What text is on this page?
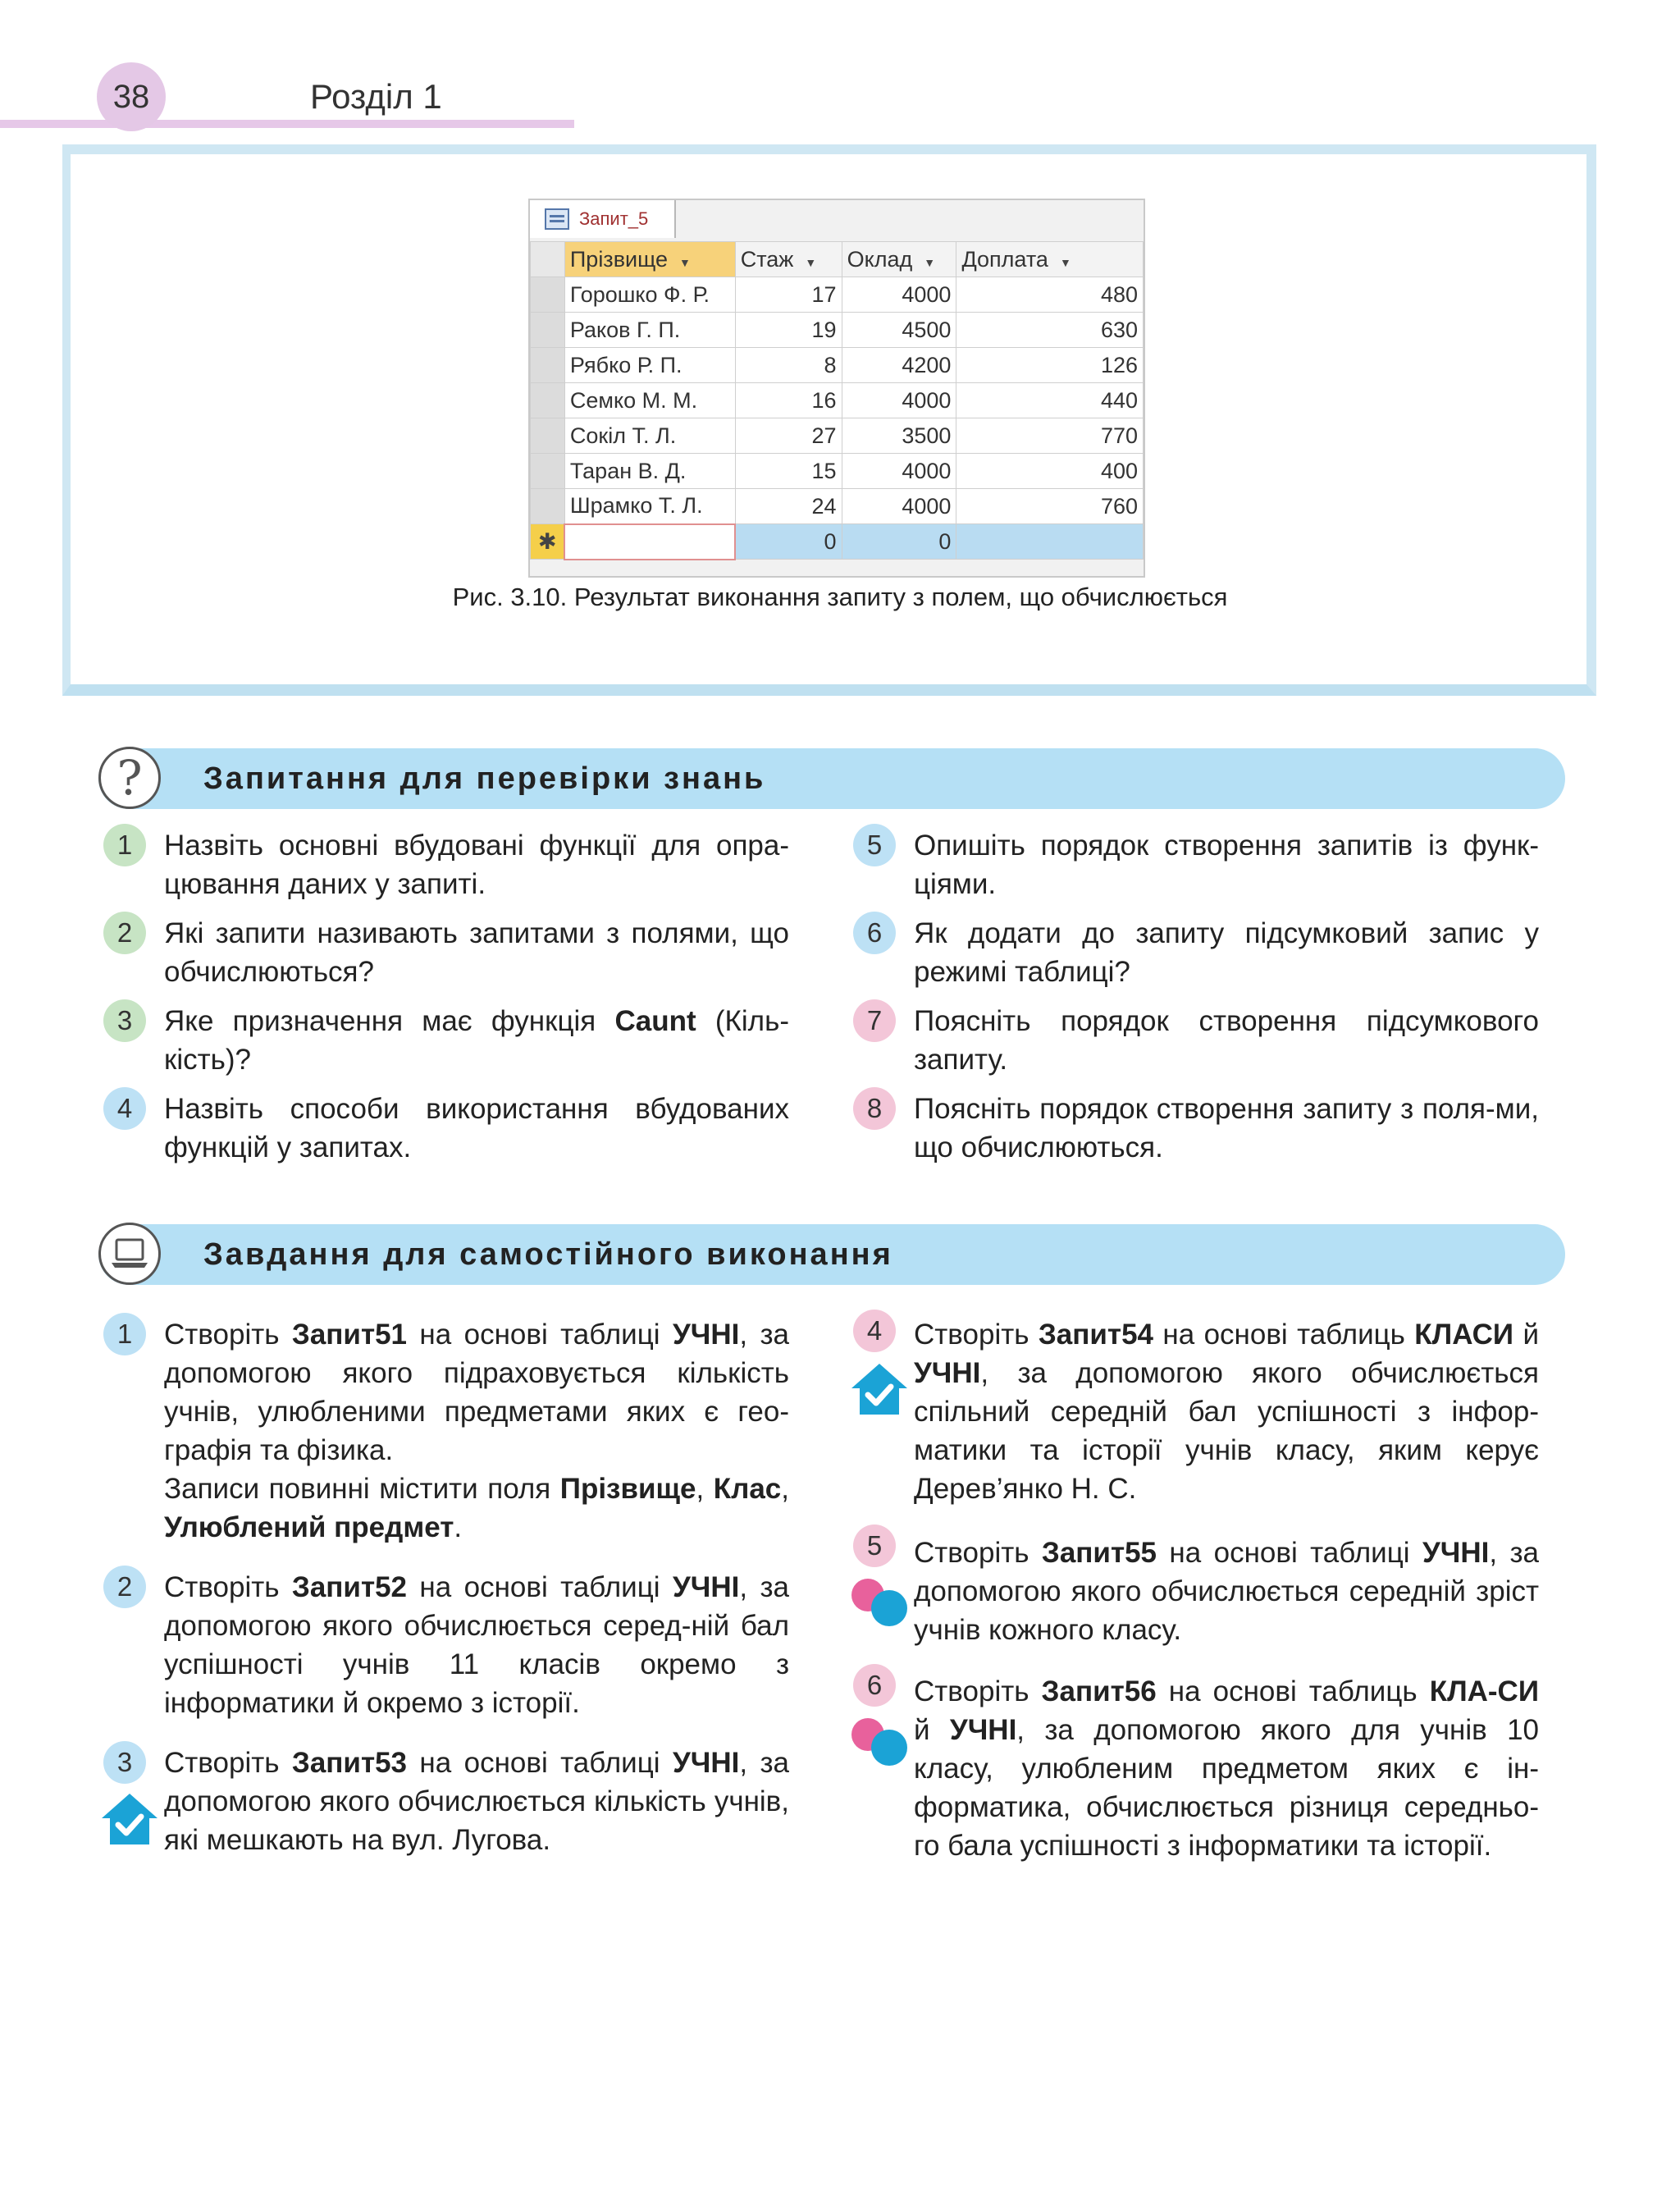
38	Розділ 1
Запит_5
	Прізвище ▼	Стаж ▼	Оклад ▼	Доплата ▼
	Горошко Ф. Р.	17	4000	480
	Раков Г. П.	19	4500	630
	Рябко Р. П.	8	4200	126
	Семко М. М.	16	4000	440
	Сокіл Т. Л.	27	3500	770
	Таран В. Д.	15	4000	400
	Шрамко Т. Л.	24	4000	760
✱		0	0	
Рис. 3.10. Результат виконання запиту з полем, що обчислюється
Запитання для перевірки знань
?
1	Назвіть основні вбудовані функції для опра-цювання даних у запиті.
2	Які запити називають запитами з полями, що обчислюються?
3	Яке призначення має функція Caunt (Кіль-кість)?
4	Назвіть способи використання вбудованих функцій у запитах.
5	Опишіть порядок створення запитів із функ-ціями.
6	Як додати до запиту підсумковий запис у режимі таблиці?
7	Поясніть порядок створення підсумкового запиту.
8	Поясніть порядок створення запиту з поля-ми, що обчислюються.
Завдання для самостійного виконання
1	Створіть Запит51 на основі таблиці УЧНІ, за допомогою якого підраховується кількість учнів, улюбленими предметами яких є гео-графія та фізика.
Записи повинні містити поля Прізвище, Клас, Улюблений предмет.
2	Створіть Запит52 на основі таблиці УЧНІ, за допомогою якого обчислюється серед-ній бал успішності учнів 11 класів окремо з інформатики й окремо з історії.
3	Створіть Запит53 на основі таблиці УЧНІ, за допомогою якого обчислюється кількість учнів, які мешкають на вул. Лугова.
4	Створіть Запит54 на основі таблиць КЛАСИ й УЧНІ, за допомогою якого обчислюється спільний середній бал успішності з інфор-матики та історії учнів класу, яким керує Дерев’янко Н. С.
5	Створіть Запит55 на основі таблиці УЧНІ, за допомогою якого обчислюється середній зріст учнів кожного класу.
6	Створіть Запит56 на основі таблиць КЛА-СИ й УЧНІ, за допомогою якого для учнів 10 класу, улюбленим предметом яких є ін-форматика, обчислюється різниця середньо-го бала успішності з інформатики та історії.
